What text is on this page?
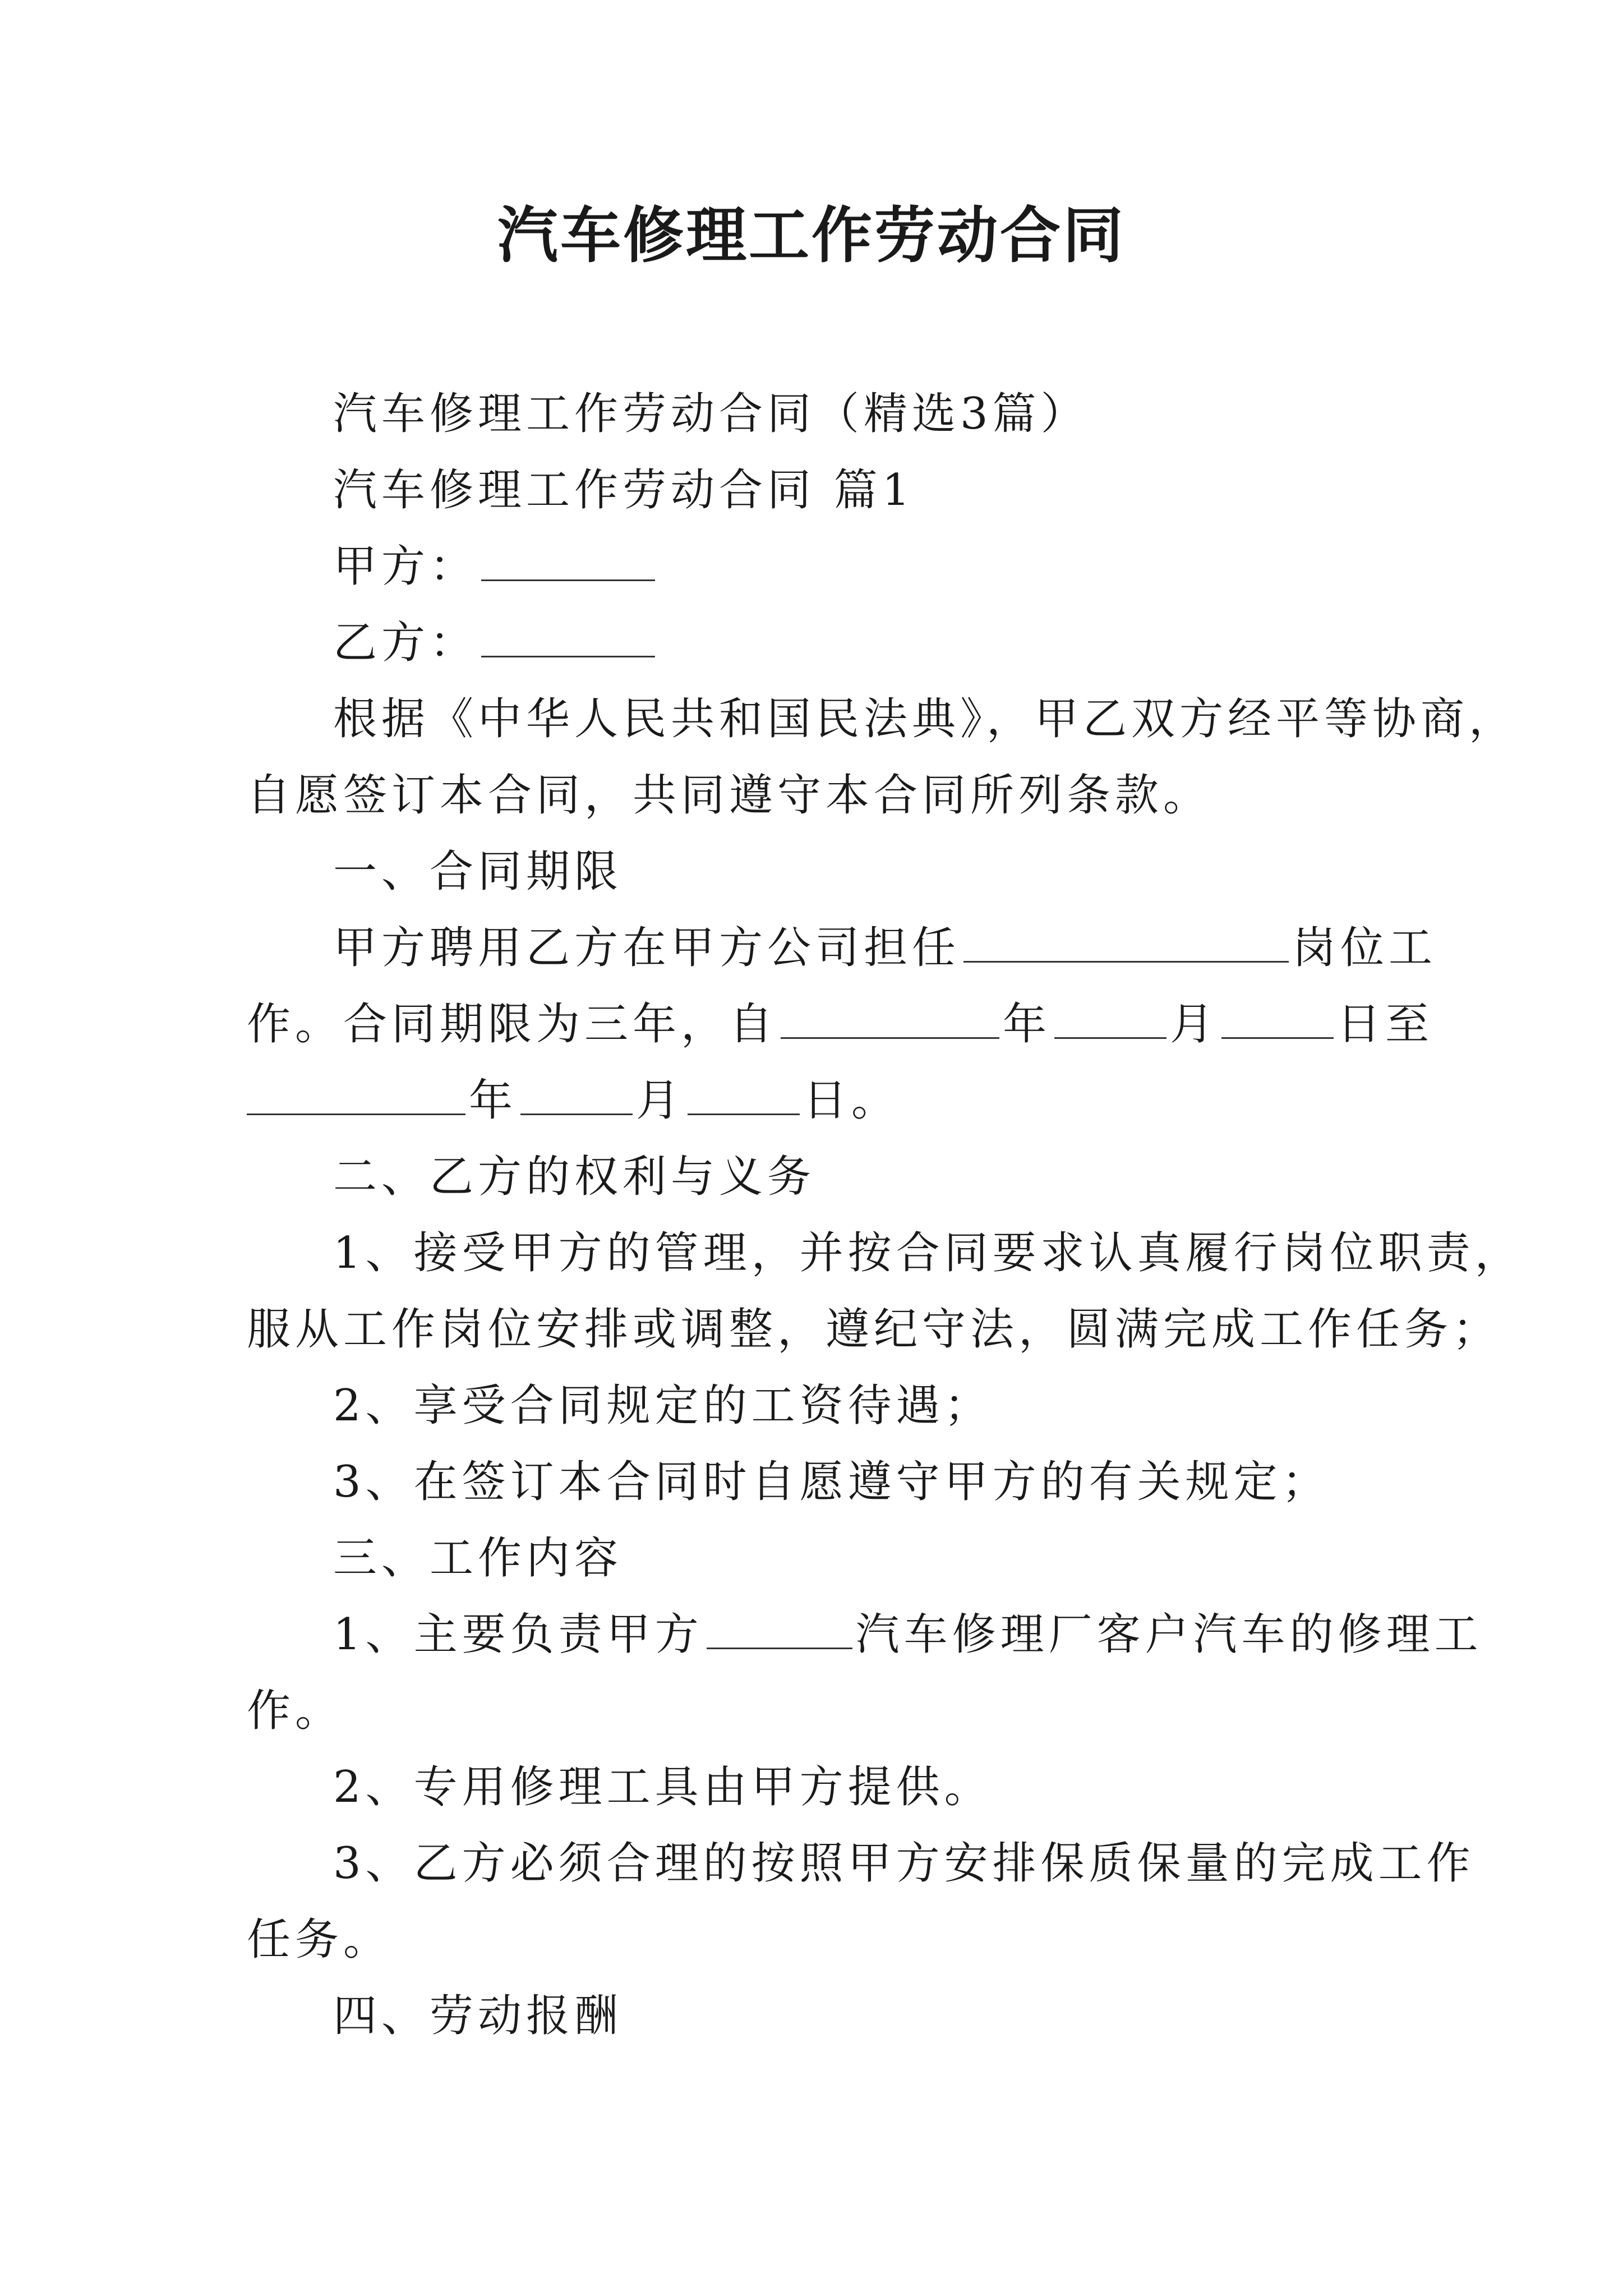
汽车修理工作劳动合同
汽车修理工作劳动合同（精选3篇）
汽车修理工作劳动合同 篇1
甲方：
乙方：
根据《中华人民共和国民法典》，甲乙双方经平等协商，
自愿签订本合同，共同遵守本合同所列条款。
一、合同期限
甲方聘用乙方在甲方公司担任	岗位工
作。合同期限为三年，自	年	月	日至
年	月	日。
二、乙方的权利与义务
1、接受甲方的管理，并按合同要求认真履行岗位职责，
服从工作岗位安排或调整，遵纪守法，圆满完成工作任务；
2、享受合同规定的工资待遇；
3、在签订本合同时自愿遵守甲方的有关规定；
三、工作内容
1、主要负责甲方	汽车修理厂客户汽车的修理工
作。
2、专用修理工具由甲方提供。
3、乙方必须合理的按照甲方安排保质保量的完成工作
任务。
四、劳动报酬
